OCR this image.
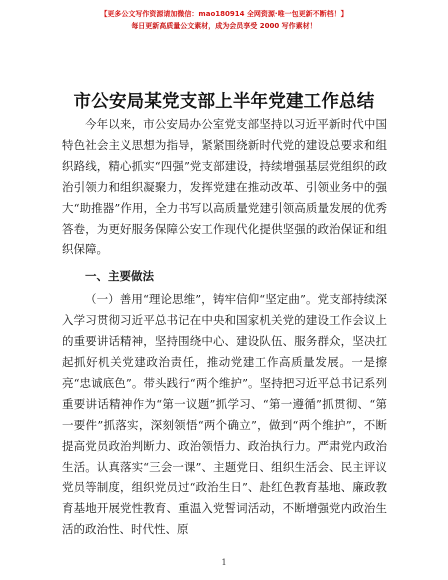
【更多公文写作资源请加微信：mao180914 全网资源·唯一包更新不断档！】
每日更新高质量公文素材，成为会员享受 2000 写作素材！
市公安局某党支部上半年党建工作总结

今年以来，市公安局办公室党支部坚持以习近平新时代中国特色社会主义思想为指导，紧紧围绕新时代党的建设总要求和组织路线，精心抓实“四强”党支部建设，持续增强基层党组织的政治引领力和组织凝聚力，发挥党建在推动改革、引领业务中的强大“助推器”作用，全力书写以高质量党建引领高质量发展的优秀答卷，为更好服务保障公安工作现代化提供坚强的政治保证和组织保障。

一、主要做法

（一）善用“理论思维”，铸牢信仰“坚定曲”。党支部持续深入学习贯彻习近平总书记在中央和国家机关党的建设工作会议上的重要讲话精神，坚持围绕中心、建设队伍、服务群众，坚决扛起抓好机关党建政治责任，推动党建工作高质量发展。一是擦亮“忠诚底色”。带头践行“两个维护”。坚持把习近平总书记系列重要讲话精神作为“第一议题”抓学习、“第一遵循”抓贯彻、“第一要件”抓落实，深刻领悟“两个确立”，做到“两个维护”，不断提高党员政治判断力、政治领悟力、政治执行力。严肃党内政治生活。认真落实“三会一课”、主题党日、组织生活会、民主评议党员等制度，组织党员过“政治生日”、赴红色教育基地、廉政教育基地开展党性教育、重温入党誓词活动，不断增强党内政治生活的政治性、时代性、原

1
